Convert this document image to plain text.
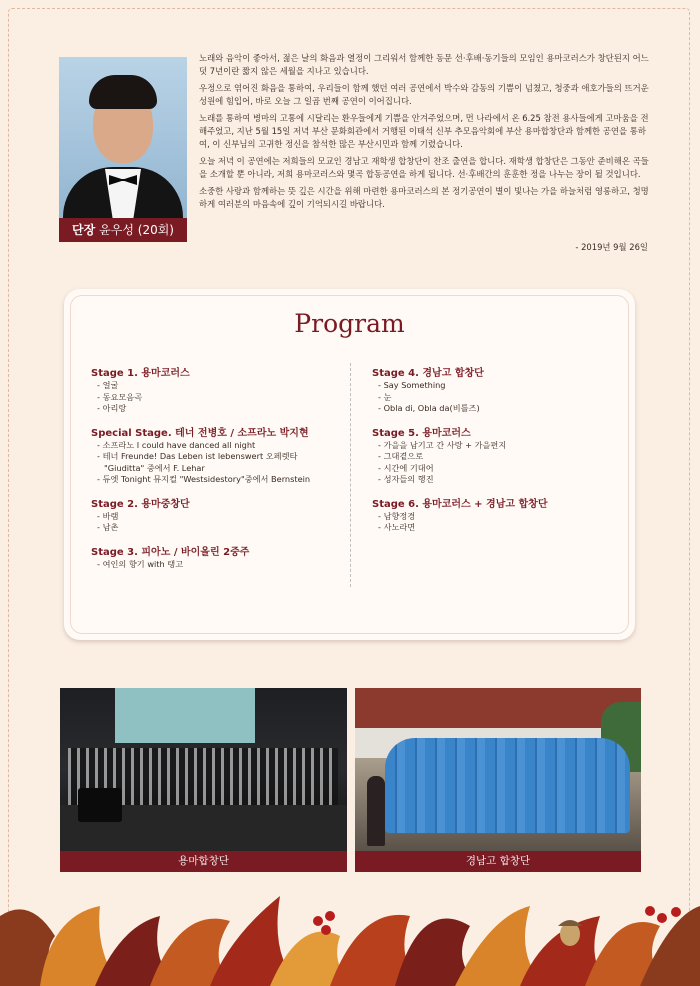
단장 윤우성 (20회)

노래와 음악이 좋아서, 젊은 날의 화음과 열정이 그리워서 함께한 동문 선·후배·동기들의 모임인 용마코러스가 창단된지 어느덧 7년이란 짧지 않은 세월을 지나고 있습니다.

우정으로 엮어진 화음을 통하여, 우리들이 함께 했던 여러 공연에서 박수와 감동의 기쁨이 넘쳤고, 청중과 애호가들의 뜨거운 성원에 힘입어, 바로 오늘 그 일곱 번째 공연이 이어집니다.

노래를 통하여 병마의 고통에 시달리는 환우들에게 기쁨을 안겨주었으며, 먼 나라에서 온 6.25 참전 용사들에게 고마움을 전해주었고, 지난 5월 15일 저녁 부산 문화회관에서 거행된 이태석 신부 추모음악회에 부산 용마합창단과 함께한 공연을 통하여, 이 신부님의 고귀한 정신을 참석한 많은 부산시민과 함께 기렸습니다.

오늘 저녁 이 공연에는 저희들의 모교인 경남고 재학생 합창단이 찬조 출연을 합니다. 재학생 합창단은 그동안 준비해온 곡들을 소개할 뿐 아니라, 저희 용마코러스와 몇곡 합동공연을 하게 됩니다. 선·후배간의 훈훈한 정을 나누는 장이 될 것입니다.

소중한 사랑과 함께하는 뜻 깊은 시간을 위해 마련한 용마코러스의 본 정기공연이 별이 빛나는 가을 하늘처럼 영롱하고, 청명하게 여러분의 마음속에 깊이 기억되시길 바랍니다.

- 2019년 9월 26일
Program
Stage 1. 용마코러스
- 얼굴
- 동요모음곡
- 아리랑
Special Stage. 테너 전병호 / 소프라노 박지현
- 소프라노 I could have danced all night
- 테너 Freunde! Das Leben ist lebenswert 오페렛타
"Giuditta" 중에서 F. Lehar
- 듀엣 Tonight 뮤지컬 "Westsidestory"중에서 Bernstein
Stage 2. 용마중창단
- 바램
- 남촌
Stage 3. 피아노 / 바이올린 2중주
- 여인의 향기 with 탱고
Stage 4. 경남고 합창단
- Say Something
- 눈
- Obla di, Obla da(비틀즈)
Stage 5. 용마코러스
- 가을을 남기고 간 사랑 + 가을편지
- 그대곁으로
- 시간에 기대어
- 성자들의 행진
Stage 6. 용마코러스 + 경남고 합창단
- 남향정경
- 사노라면
용마합창단	경남고 합창단
